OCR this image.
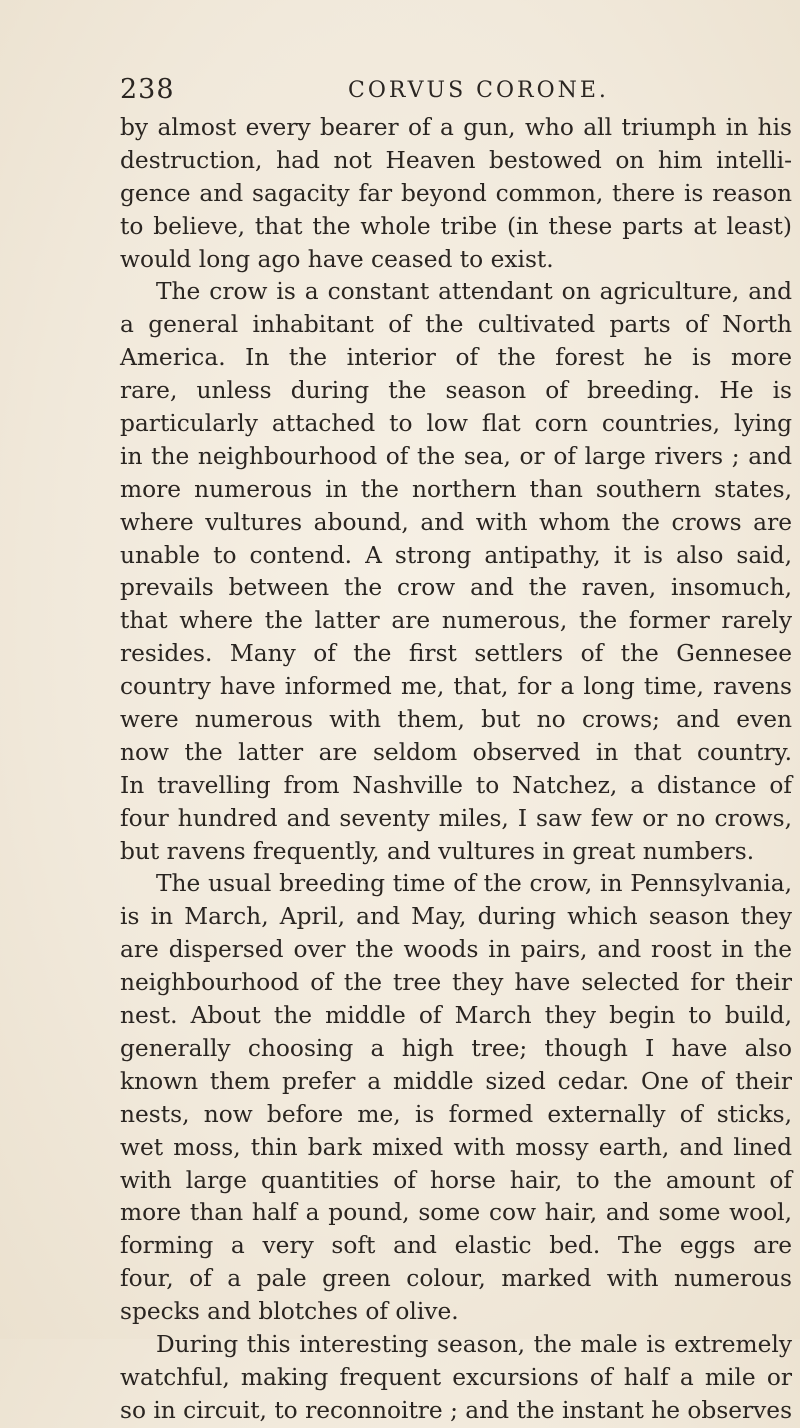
238	CORVUS CORONE.
by almost every bearer of a gun, who all triumph in his
destruction, had not Heaven bestowed on him intelli-
gence and sagacity far beyond common, there is reason
to believe, that the whole tribe (in these parts at least)
would long ago have ceased to exist.
The crow is a constant attendant on agriculture, and
a general inhabitant of the cultivated parts of North
America. In the interior of the forest he is more
rare, unless during the season of breeding. He is
particularly attached to low flat corn countries, lying
in the neighbourhood of the sea, or of large rivers ; and
more numerous in the northern than southern states,
where vultures abound, and with whom the crows are
unable to contend. A strong antipathy, it is also said,
prevails between the crow and the raven, insomuch,
that where the latter are numerous, the former rarely
resides. Many of the first settlers of the Gennesee
country have informed me, that, for a long time, ravens
were numerous with them, but no crows; and even
now the latter are seldom observed in that country.
In travelling from Nashville to Natchez, a distance of
four hundred and seventy miles, I saw few or no crows,
but ravens frequently, and vultures in great numbers.
The usual breeding time of the crow, in Pennsylvania,
is in March, April, and May, during which season they
are dispersed over the woods in pairs, and roost in the
neighbourhood of the tree they have selected for their
nest. About the middle of March they begin to build,
generally choosing a high tree; though I have also
known them prefer a middle sized cedar. One of their
nests, now before me, is formed externally of sticks,
wet moss, thin bark mixed with mossy earth, and lined
with large quantities of horse hair, to the amount of
more than half a pound, some cow hair, and some wool,
forming a very soft and elastic bed. The eggs are
four, of a pale green colour, marked with numerous
specks and blotches of olive.
During this interesting season, the male is extremely
watchful, making frequent excursions of half a mile or
so in circuit, to reconnoitre ; and the instant he observes
